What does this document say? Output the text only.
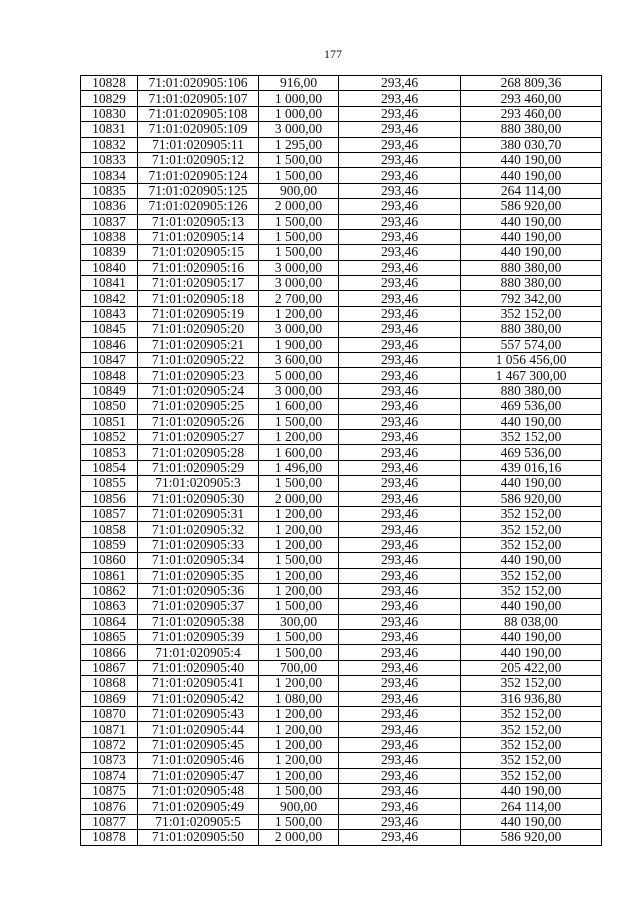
177
10828	71:01:020905:106	916,00	293,46	268 809,36
10829	71:01:020905:107	1 000,00	293,46	293 460,00
10830	71:01:020905:108	1 000,00	293,46	293 460,00
10831	71:01:020905:109	3 000,00	293,46	880 380,00
10832	71:01:020905:11	1 295,00	293,46	380 030,70
10833	71:01:020905:12	1 500,00	293,46	440 190,00
10834	71:01:020905:124	1 500,00	293,46	440 190,00
10835	71:01:020905:125	900,00	293,46	264 114,00
10836	71:01:020905:126	2 000,00	293,46	586 920,00
10837	71:01:020905:13	1 500,00	293,46	440 190,00
10838	71:01:020905:14	1 500,00	293,46	440 190,00
10839	71:01:020905:15	1 500,00	293,46	440 190,00
10840	71:01:020905:16	3 000,00	293,46	880 380,00
10841	71:01:020905:17	3 000,00	293,46	880 380,00
10842	71:01:020905:18	2 700,00	293,46	792 342,00
10843	71:01:020905:19	1 200,00	293,46	352 152,00
10845	71:01:020905:20	3 000,00	293,46	880 380,00
10846	71:01:020905:21	1 900,00	293,46	557 574,00
10847	71:01:020905:22	3 600,00	293,46	1 056 456,00
10848	71:01:020905:23	5 000,00	293,46	1 467 300,00
10849	71:01:020905:24	3 000,00	293,46	880 380,00
10850	71:01:020905:25	1 600,00	293,46	469 536,00
10851	71:01:020905:26	1 500,00	293,46	440 190,00
10852	71:01:020905:27	1 200,00	293,46	352 152,00
10853	71:01:020905:28	1 600,00	293,46	469 536,00
10854	71:01:020905:29	1 496,00	293,46	439 016,16
10855	71:01:020905:3	1 500,00	293,46	440 190,00
10856	71:01:020905:30	2 000,00	293,46	586 920,00
10857	71:01:020905:31	1 200,00	293,46	352 152,00
10858	71:01:020905:32	1 200,00	293,46	352 152,00
10859	71:01:020905:33	1 200,00	293,46	352 152,00
10860	71:01:020905:34	1 500,00	293,46	440 190,00
10861	71:01:020905:35	1 200,00	293,46	352 152,00
10862	71:01:020905:36	1 200,00	293,46	352 152,00
10863	71:01:020905:37	1 500,00	293,46	440 190,00
10864	71:01:020905:38	300,00	293,46	88 038,00
10865	71:01:020905:39	1 500,00	293,46	440 190,00
10866	71:01:020905:4	1 500,00	293,46	440 190,00
10867	71:01:020905:40	700,00	293,46	205 422,00
10868	71:01:020905:41	1 200,00	293,46	352 152,00
10869	71:01:020905:42	1 080,00	293,46	316 936,80
10870	71:01:020905:43	1 200,00	293,46	352 152,00
10871	71:01:020905:44	1 200,00	293,46	352 152,00
10872	71:01:020905:45	1 200,00	293,46	352 152,00
10873	71:01:020905:46	1 200,00	293,46	352 152,00
10874	71:01:020905:47	1 200,00	293,46	352 152,00
10875	71:01:020905:48	1 500,00	293,46	440 190,00
10876	71:01:020905:49	900,00	293,46	264 114,00
10877	71:01:020905:5	1 500,00	293,46	440 190,00
10878	71:01:020905:50	2 000,00	293,46	586 920,00
